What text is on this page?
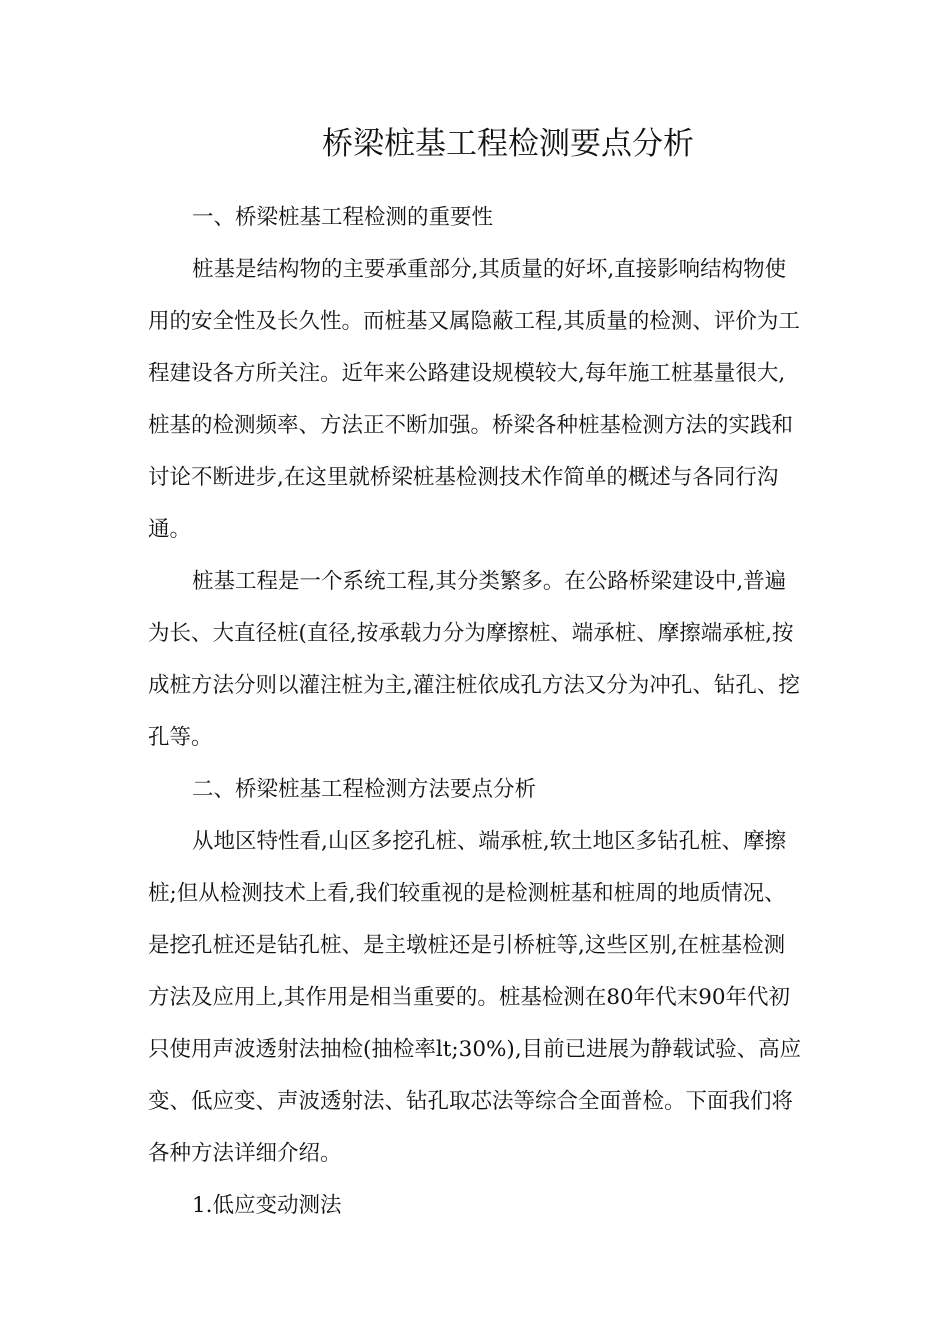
桥梁桩基工程检测要点分析

一、桥梁桩基工程检测的重要性

桩基是结构物的主要承重部分,其质量的好坏,直接影响结构物使用的安全性及长久性。而桩基又属隐蔽工程,其质量的检测、评价为工程建设各方所关注。近年来公路建设规模较大,每年施工桩基量很大,桩基的检测频率、方法正不断加强。桥梁各种桩基检测方法的实践和讨论不断进步,在这里就桥梁桩基检测技术作简单的概述与各同行沟通。

桩基工程是一个系统工程,其分类繁多。在公路桥梁建设中,普遍为长、大直径桩(直径,按承载力分为摩擦桩、端承桩、摩擦端承桩,按成桩方法分则以灌注桩为主,灌注桩依成孔方法又分为冲孔、钻孔、挖孔等。

二、桥梁桩基工程检测方法要点分析

从地区特性看,山区多挖孔桩、端承桩,软土地区多钻孔桩、摩擦桩;但从检测技术上看,我们较重视的是检测桩基和桩周的地质情况、是挖孔桩还是钻孔桩、是主墩桩还是引桥桩等,这些区别,在桩基检测方法及应用上,其作用是相当重要的。桩基检测在80年代末90年代初只使用声波透射法抽检(抽检率lt;30%),目前已进展为静载试验、高应变、低应变、声波透射法、钻孔取芯法等综合全面普检。下面我们将各种方法详细介绍。

1.低应变动测法
